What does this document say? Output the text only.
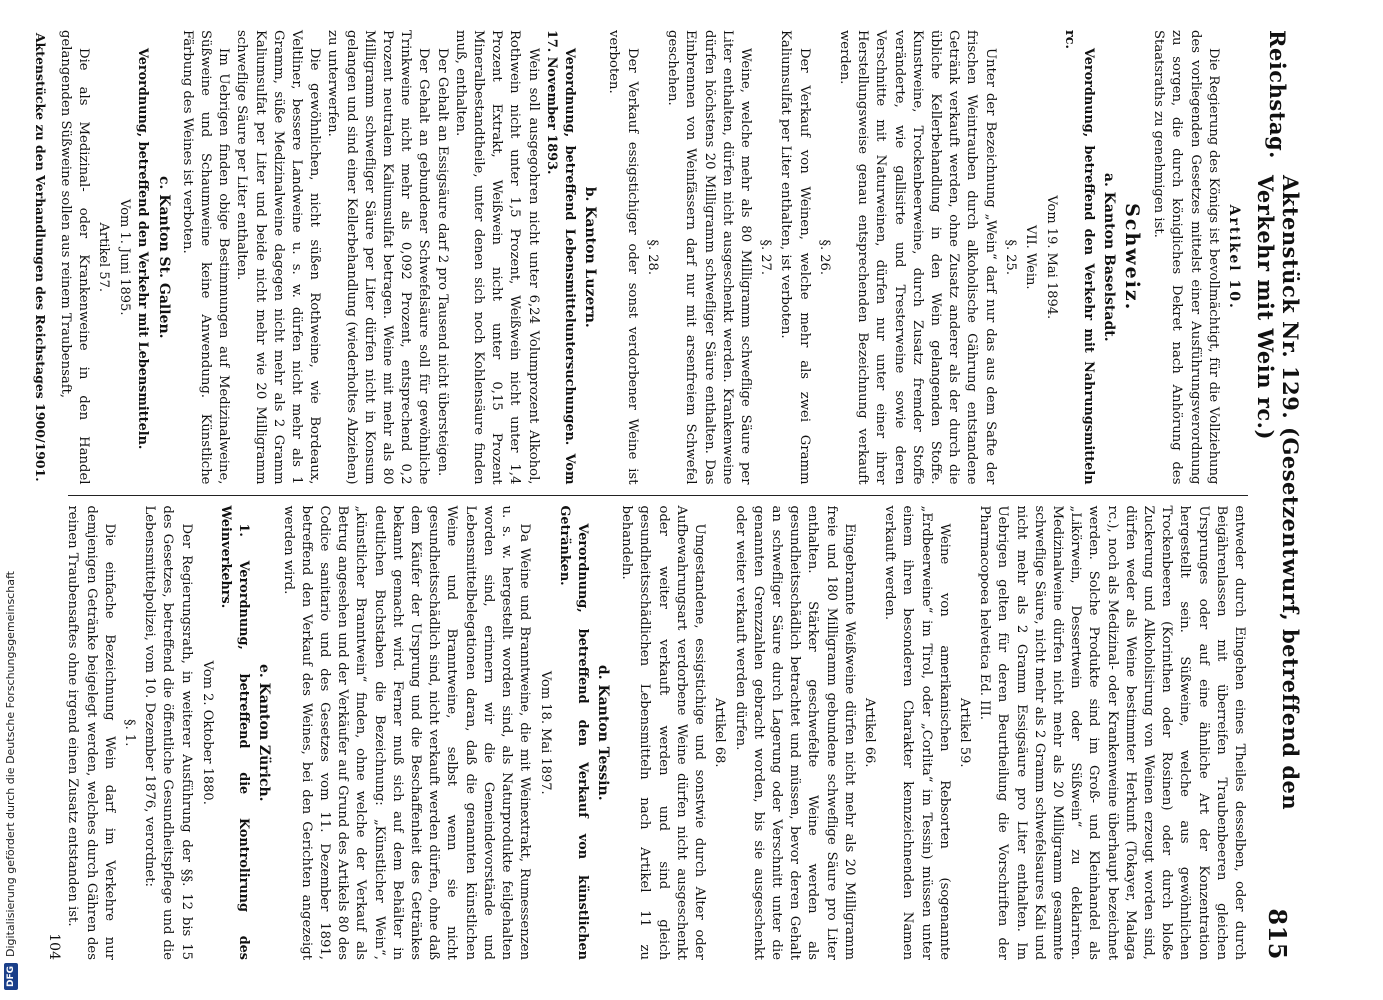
DFG
Digitalisierung gefördert durch die Deutsche Forschungsgemeinschaft
Reichstag.
Aktenstück Nr. 129. (Gesetzentwurf, betreffend den Verkehr mit Wein rc.)
815
Artikel 10.

Die Regierung des Königs ist bevollmächtigt, für die Vollziehung des vorliegenden Gesetzes mittelst einer Ausführungsverordnung zu sorgen, die durch königliches Dekret nach Anhörung des Staatsraths zu genehmigen ist.

Schweiz.
a. Kanton Baselstadt.

Verordnung, betreffend den Verkehr mit Nahrungsmitteln rc.

Vom 19. Mai 1894.
VII. Wein.
§. 25.

Unter der Bezeichnung „Wein“ darf nur das aus dem Safte der frischen Weintrauben durch alkoholische Gährung entstandene Getränk verkauft werden, ohne Zusatz anderer als der durch die übliche Kellerbehandlung in den Wein gelangenden Stoffe. Kunstweine, Trockenbeerweine, durch Zusatz fremder Stoffe veränderte, wie gallisirte und Tresterweine sowie deren Verschnitte mit Naturweinen, dürfen nur unter einer ihrer Herstellungsweise genau entsprechenden Bezeichnung verkauft werden.

§. 26.

Der Verkauf von Weinen, welche mehr als zwei Gramm Kaliumsulfat per Liter enthalten, ist verboten.

§. 27.

Weine, welche mehr als 80 Milligramm schweflige Säure per Liter enthalten, dürfen nicht ausgeschenkt werden. Krankenweine dürfen höchstens 20 Milligramm schwefliger Säure enthalten. Das Einbrennen von Weinfässern darf nur mit arsenfreiem Schwefel geschehen.

§. 28.

Der Verkauf essigstichiger oder sonst verdorbener Weine ist verboten.

b. Kanton Luzern.

Verordnung, betreffend Lebensmitteluntersuchungen. Vom 17. November 1893.

Wein soll ausgegohren nicht unter 6,24 Volumprozent Alkohol, Rothwein nicht unter 1,5 Prozent, Weißwein nicht unter 1,4 Prozent Extrakt, Weißwein nicht unter 0,15 Prozent Mineralbestandtheile, unter denen sich noch Kohlensäure finden muß, enthalten.

Der Gehalt an Essigsäure darf 2 pro Tausend nicht übersteigen.

Der Gehalt an gebundener Schwefelsäure soll für gewöhnliche Trinkweine nicht mehr als 0,092 Prozent, entsprechend 0,2 Prozent neutralem Kaliumsulfat betragen. Weine mit mehr als 80 Milligramm schwefliger Säure per Liter dürfen nicht in Konsum gelangen und sind einer Kellerbehandlung (wiederholtes Abziehen) zu unterwerfen.

Die gewöhnlichen, nicht süßen Rothweine, wie Bordeaux, Veltliner, bessere Landweine u. s. w. dürfen nicht mehr als 1 Gramm, süße Medizinalweine dagegen nicht mehr als 2 Gramm Kaliumsulfat per Liter und beide nicht mehr wie 20 Milligramm schweflige Säure per Liter enthalten.

Im Uebrigen finden obige Bestimmungen auf Medizinalweine, Süßweine und Schaumweine keine Anwendung. Künstliche Färbung des Weines ist verboten.

c. Kanton St. Gallen.

Verordnung, betreffend den Verkehr mit Lebensmitteln.

Vom 1. Juni 1895.
Artikel 57.

Die als Medizinal- oder Krankenweine in den Handel gelangenden Süßweine sollen aus reinem Traubensaft,

Aktenstücke zu den Verhandlungen des Reichstages 1900/1901.

entweder durch Eingehen eines Theiles desselben, oder durch Beigährenlassen mit überreifen Traubenbeeren gleichen Ursprunges oder auf eine ähnliche Art der Konzentration hergestellt sein. Süßweine, welche aus gewöhnlichen Trockenbeeren (Korinthen oder Rosinen) oder durch bloße Zuckerung und Alkoholisirung von Weinen erzeugt worden sind, dürfen weder als Weine bestimmter Herkunft (Tokayer, Malaga rc.), noch als Medizinal- oder Krankenweine überhaupt bezeichnet werden. Solche Produkte sind im Groß- und Kleinhandel als „Likörwein, Dessertwein oder Süßwein“ zu deklariren. Medizinalweine dürfen nicht mehr als 20 Milligramm gesammte schweflige Säure, nicht mehr als 2 Gramm schwefelsaures Kali und nicht mehr als 2 Gramm Essigsäure pro Liter enthalten. Im Uebrigen gelten für deren Beurtheilung die Vorschriften der Pharmacopoea helvetica Ed. III.

Artikel 59.

Weine von amerikanischen Rebsorten (sogenannte „Erdbeerweine“ im Tirol, oder „Corlita“ im Tessin) müssen unter einem ihren besonderen Charakter kennzeichnenden Namen verkauft werden.

Artikel 66.

Eingebrannte Weißweine dürfen nicht mehr als 20 Milligramm freie und 180 Milligramm gebundene schweflige Säure pro Liter enthalten. Stärker geschwefelte Weine werden als gesundheitsschädlich betrachtet und müssen, bevor deren Gehalt an schwefliger Säure durch Lagerung oder Verschnitt unter die genannten Grenzzahlen gebracht worden, bis sie ausgeschenkt oder weiter verkauft werden dürfen.

Artikel 68.

Umgestandene, essigstichige und sonstwie durch Alter oder Aufbewahrungsart verdorbene Weine dürfen nicht ausgeschenkt oder weiter verkauft werden und sind gleich gesundheitsschädlichen Lebensmitteln nach Artikel 11 zu behandeln.

d. Kanton Tessin.

Verordnung, betreffend den Verkauf von künstlichen Getränken.

Vom 18. Mai 1897.

Da Weine und Branntweine, die mit Weinextrakt, Rumessenzen u. s. w. hergestellt worden sind, als Naturprodukte feilgehalten worden sind, erinnern wir die Gemeindevorstände und Lebensmittelbelegationen daran, daß die genannten künstlichen Weine und Branntweine, selbst wenn sie nicht gesundheitsschädlich sind, nicht verkauft werden dürfen, ohne daß dem Käufer der Ursprung und die Beschaffenheit des Getränkes bekannt gemacht wird. Ferner muß sich auf dem Behälter in deutlichen Buchstaben die Bezeichnung: „Künstlicher Wein“, „künstlicher Branntwein“ finden, ohne welche der Verkauf als Betrug angesehen und der Verkäufer auf Grund des Artikels 80 des Codice sanitario und des Gesetzes vom 11. Dezember 1891, betreffend den Verkauf des Weines, bei den Gerichten angezeigt werden wird.

e. Kanton Zürich.

1. Verordnung, betreffend die Kontrolirung des Weinverkehrs.

Vom 2. Oktober 1880.

Der Regierungsrath, in weiterer Ausführung der §§. 12 bis 15 des Gesetzes, betreffend die öffentliche Gesundheitspflege und die Lebensmittelpolizei, vom 10. Dezember 1876, verordnet:

§. 1.

Die einfache Bezeichnung Wein darf im Verkehre nur demjenigen Getränke beigelegt werden, welches durch Gähren des reinen Traubensaftes ohne irgend einen Zusatz entstanden ist.

104
